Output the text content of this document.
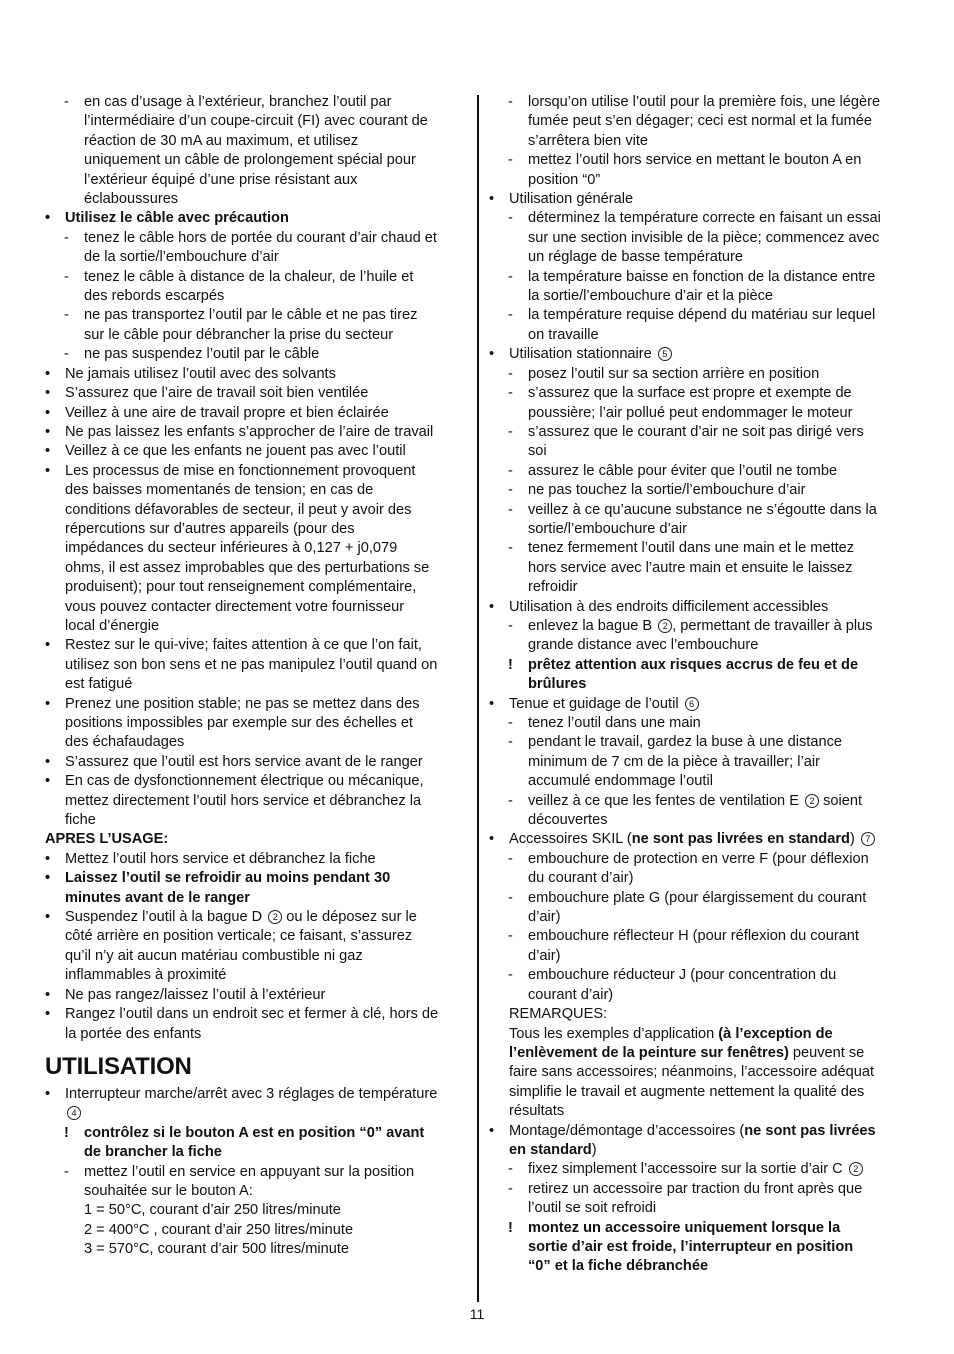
- en cas d’usage à l’extérieur, branchez l’outil par
l’intermédiaire d’un coupe-circuit (FI) avec courant de
réaction de 30 mA au maximum, et utilisez
uniquement un câble de prolongement spécial pour
l’extérieur équipé d’une prise résistant aux
éclaboussures
• Utilisez le câble avec précaution
- tenez le câble hors de portée du courant d’air chaud et
de la sortie/l’embouchure d’air
- tenez le câble à distance de la chaleur, de l’huile et
des rebords escarpés
- ne pas transportez l’outil par le câble et ne pas tirez
sur le câble pour débrancher la prise du secteur
- ne pas suspendez l’outil par le câble
• Ne jamais utilisez l’outil avec des solvants
• S’assurez que l’aire de travail soit bien ventilée
• Veillez à une aire de travail propre et bien éclairée
• Ne pas laissez les enfants s’approcher de l’aire de travail
• Veillez à ce que les enfants ne jouent pas avec l’outil
• Les processus de mise en fonctionnement provoquent
des baisses momentanés de tension; en cas de
conditions défavorables de secteur, il peut y avoir des
répercutions sur d’autres appareils (pour des
impédances du secteur inférieures à 0,127 + j0,079
ohms, il est assez improbables que des perturbations se
produisent); pour tout renseignement complémentaire,
vous pouvez contacter directement votre fournisseur
local d’énergie
• Restez sur le qui-vive; faites attention à ce que l’on fait,
utilisez son bon sens et ne pas manipulez l’outil quand on
est fatigué
• Prenez une position stable; ne pas se mettez dans des
positions impossibles par exemple sur des échelles et
des échafaudages
• S’assurez que l’outil est hors service avant de le ranger
• En cas de dysfonctionnement électrique ou mécanique,
mettez directement l’outil hors service et débranchez la
fiche
APRES L’USAGE:
• Mettez l’outil hors service et débranchez la fiche
• Laissez l’outil se refroidir au moins pendant 30
minutes avant de le ranger
• Suspendez l’outil à la bague D 2 ou le déposez sur le
côté arrière en position verticale; ce faisant, s’assurez
qu’il n’y ait aucun matériau combustible ni gaz
inflammables à proximité
• Ne pas rangez/laissez l’outil à l’extérieur
• Rangez l’outil dans un endroit sec et fermer à clé, hors de
la portée des enfants
UTILISATION
• Interrupteur marche/arrêt avec 3 réglages de température
4
! contrôlez si le bouton A est en position “0” avant
de brancher la fiche
- mettez l’outil en service en appuyant sur la position
souhaitée sur le bouton A:
1 = 50°C, courant d’air 250 litres/minute
2 = 400°C , courant d’air 250 litres/minute
3 = 570°C, courant d’air 500 litres/minute
- lorsqu’on utilise l’outil pour la première fois, une légère
fumée peut s’en dégager; ceci est normal et la fumée
s’arrêtera bien vite
- mettez l’outil hors service en mettant le bouton A en
position “0”
• Utilisation générale
- déterminez la température correcte en faisant un essai
sur une section invisible de la pièce; commencez avec
un réglage de basse température
- la température baisse en fonction de la distance entre
la sortie/l’embouchure d’air et la pièce
- la température requise dépend du matériau sur lequel
on travaille
• Utilisation stationnaire 5
- posez l’outil sur sa section arrière en position
- s’assurez que la surface est propre et exempte de
poussière; l’air pollué peut endommager le moteur
- s’assurez que le courant d’air ne soit pas dirigé vers
soi
- assurez le câble pour éviter que l’outil ne tombe
- ne pas touchez la sortie/l’embouchure d’air
- veillez à ce qu’aucune substance ne s’égoutte dans la
sortie/l’embouchure d’air
- tenez fermement l’outil dans une main et le mettez
hors service avec l’autre main et ensuite le laissez
refroidir
• Utilisation à des endroits difficilement accessibles
- enlevez la bague B 2 , permettant de travailler à plus
grande distance avec l’embouchure
! prêtez attention aux risques accrus de feu et de
brûlures
• Tenue et guidage de l’outil 6
- tenez l’outil dans une main
- pendant le travail, gardez la buse à une distance
minimum de 7 cm de la pièce à travailler; l’air
accumulé endommage l’outil
- veillez à ce que les fentes de ventilation E 2 soient
découvertes
• Accessoires SKIL (ne sont pas livrées en standard) 7
- embouchure de protection en verre F (pour déflexion
du courant d’air)
- embouchure plate G (pour élargissement du courant
d’air)
- embouchure réflecteur H (pour réflexion du courant
d’air)
- embouchure réducteur J (pour concentration du
courant d’air)
REMARQUES:
Tous les exemples d’application (à l’exception de
l’enlèvement de la peinture sur fenêtres) peuvent se
faire sans accessoires; néanmoins, l’accessoire adéquat
simplifie le travail et augmente nettement la qualité des
résultats
• Montage/démontage d’accessoires (ne sont pas livrées
en standard)
- fixez simplement l’accessoire sur la sortie d’air C 2
- retirez un accessoire par traction du front après que
l’outil se soit refroidi
! montez un accessoire uniquement lorsque la
sortie d’air est froide, l’interrupteur en position
“0” et la fiche débranchée
11
